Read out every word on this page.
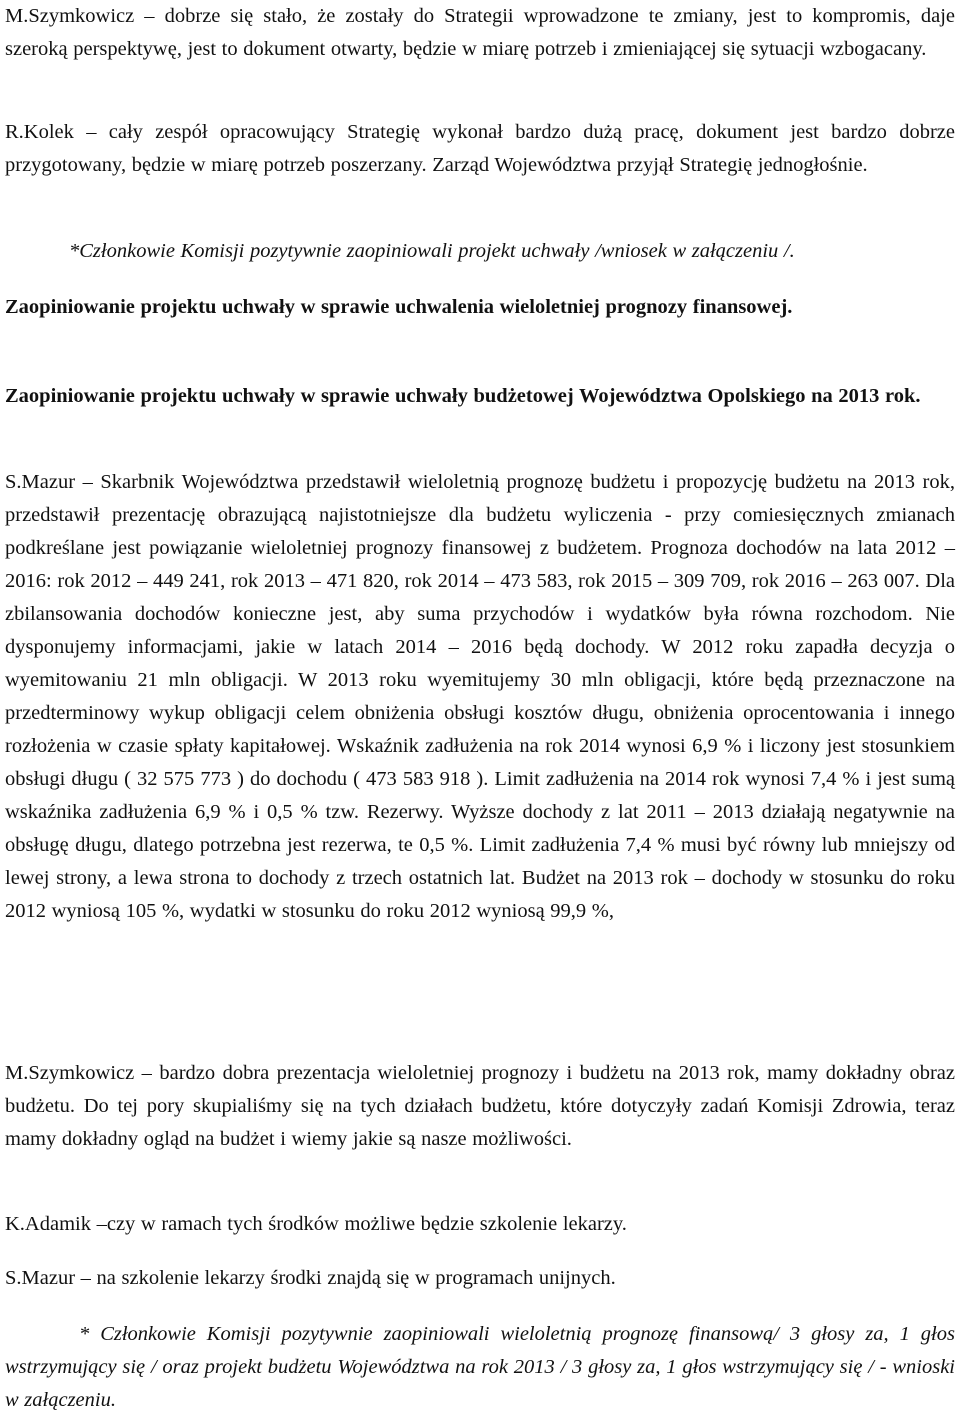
M.Szymkowicz – dobrze się stało, że zostały do Strategii wprowadzone te zmiany, jest to kompromis, daje szeroką perspektywę, jest to dokument otwarty, będzie w miarę potrzeb i zmieniającej się sytuacji wzbogacany.

R.Kolek – cały zespół opracowujący Strategię wykonał bardzo dużą pracę, dokument jest bardzo dobrze przygotowany, będzie w miarę potrzeb poszerzany. Zarząd Województwa przyjął Strategię jednogłośnie.

*Członkowie Komisji pozytywnie zaopiniowali projekt uchwały /wniosek w załączeniu /.

Zaopiniowanie projektu uchwały w sprawie uchwalenia wieloletniej prognozy finansowej.

Zaopiniowanie projektu uchwały w sprawie uchwały budżetowej Województwa Opolskiego na 2013 rok.

S.Mazur – Skarbnik Województwa przedstawił wieloletnią prognozę budżetu i propozycję budżetu na 2013 rok, przedstawił prezentację obrazującą najistotniejsze dla budżetu wyliczenia - przy comiesięcznych zmianach podkreślane jest powiązanie wieloletniej prognozy finansowej z budżetem. Prognoza dochodów na lata 2012 – 2016: rok 2012 – 449 241, rok 2013 – 471 820, rok 2014 – 473 583, rok 2015 – 309 709, rok 2016 – 263 007. Dla zbilansowania dochodów konieczne jest, aby suma przychodów i wydatków była równa rozchodom. Nie dysponujemy informacjami, jakie w latach 2014 – 2016 będą dochody. W 2012 roku zapadła decyzja o wyemitowaniu 21 mln obligacji. W 2013 roku wyemitujemy 30 mln obligacji, które będą przeznaczone na przedterminowy wykup obligacji celem obniżenia obsługi kosztów długu, obniżenia oprocentowania i innego rozłożenia w czasie spłaty kapitałowej. Wskaźnik zadłużenia na rok 2014 wynosi 6,9 % i liczony jest stosunkiem obsługi długu ( 32 575 773 ) do dochodu ( 473 583 918 ). Limit zadłużenia na 2014 rok wynosi 7,4 % i jest sumą wskaźnika zadłużenia 6,9 % i 0,5 % tzw. Rezerwy. Wyższe dochody z lat 2011 – 2013 działają negatywnie na obsługę długu, dlatego potrzebna jest rezerwa, te 0,5 %. Limit zadłużenia 7,4 % musi być równy lub mniejszy od lewej strony, a lewa strona to dochody z trzech ostatnich lat. Budżet na 2013 rok – dochody w stosunku do roku 2012 wyniosą 105 %, wydatki w stosunku do roku 2012 wyniosą 99,9 %,

M.Szymkowicz – bardzo dobra prezentacja wieloletniej prognozy i budżetu na 2013 rok, mamy dokładny obraz budżetu. Do tej pory skupialiśmy się na tych działach budżetu, które dotyczyły zadań Komisji Zdrowia, teraz mamy dokładny ogląd na budżet i wiemy jakie są nasze możliwości.

K.Adamik –czy w ramach tych środków możliwe będzie szkolenie lekarzy.

S.Mazur – na szkolenie lekarzy środki znajdą się w programach unijnych.

* Członkowie Komisji pozytywnie zaopiniowali wieloletnią prognozę finansową/ 3 głosy za, 1 głos wstrzymujący się / oraz projekt budżetu Województwa na rok 2013 / 3 głosy za, 1 głos wstrzymujący się / - wnioski w załączeniu.
